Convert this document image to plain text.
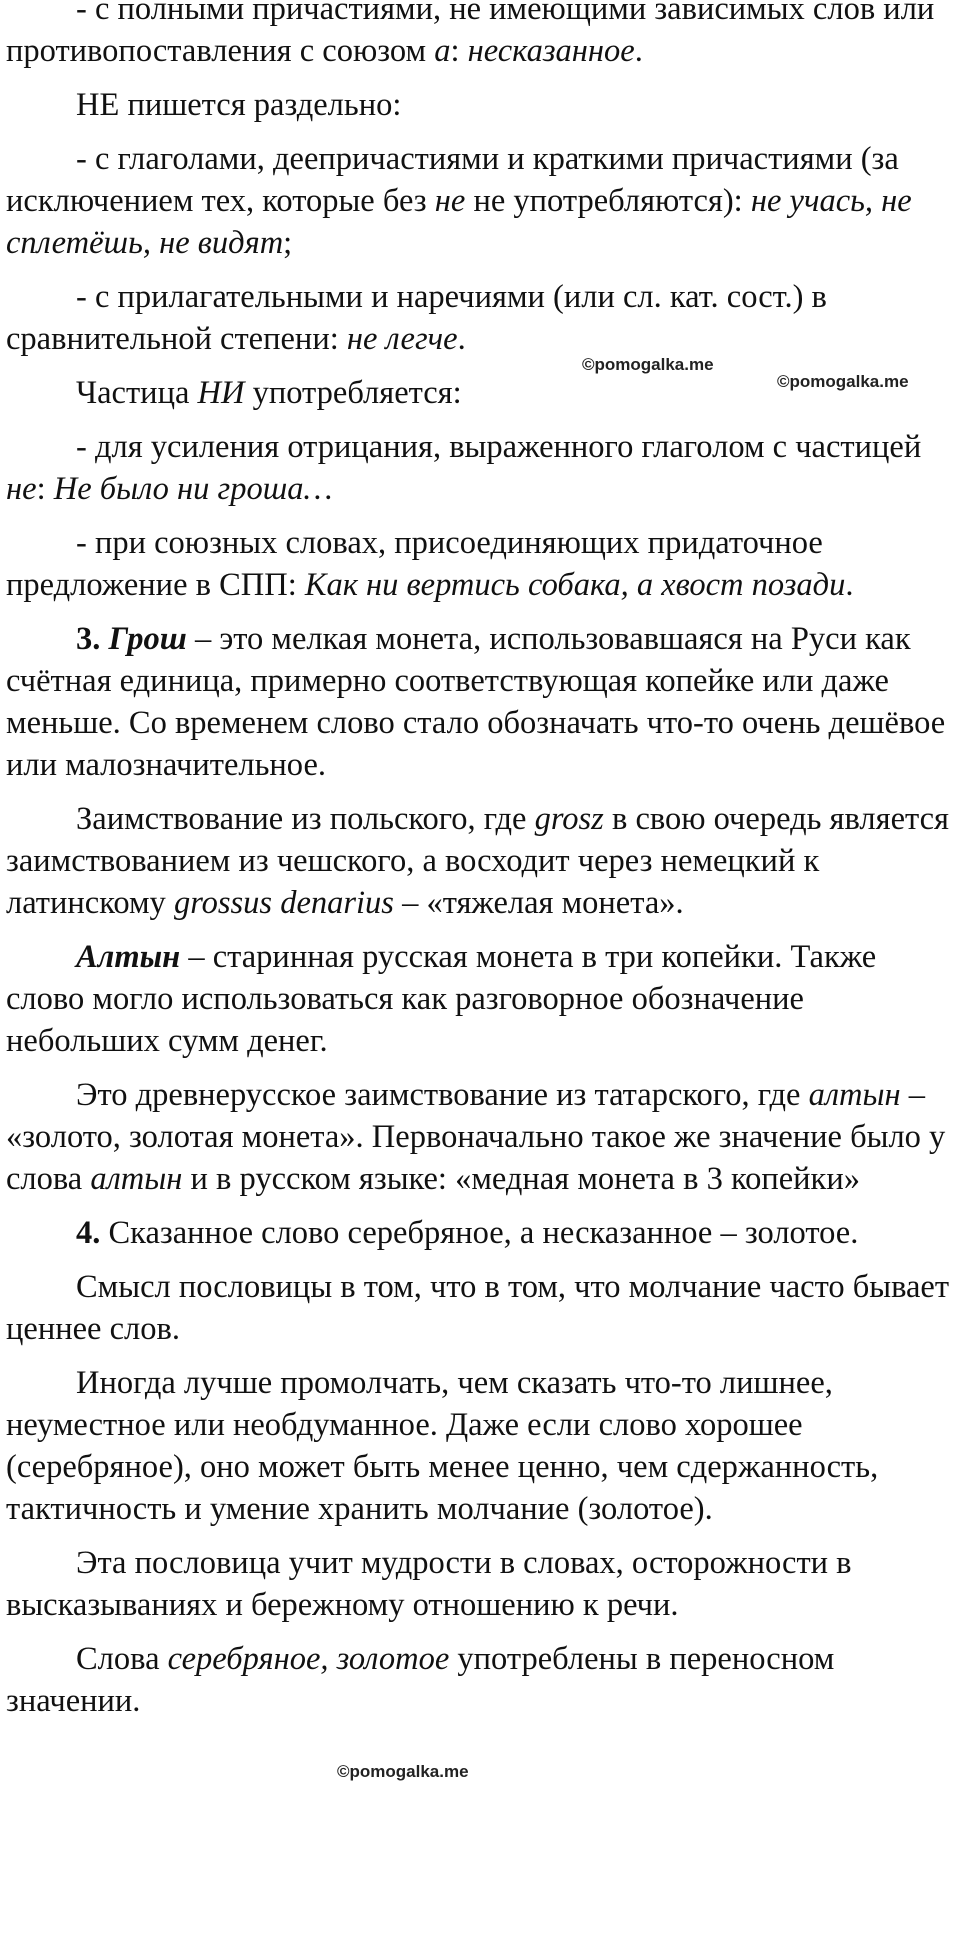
- с полными причастиями, не имеющими зависимых слов или противопоставления с союзом а: несказанное.

НЕ пишется раздельно:

- с глаголами, деепричастиями и краткими причастиями (за исключением тех, которые без не не употребляются): не учась, не сплетёшь, не видят;

- с прилагательными и наречиями (или сл. кат. сост.) в сравнительной степени: не легче.

Частица НИ употребляется:

- для усиления отрицания, выраженного глаголом с частицей не: Не было ни гроша…

- при союзных словах, присоединяющих придаточное предложение в СПП: Как ни вертись собака, а хвост позади.

3. Грош – это мелкая монета, использовавшаяся на Руси как счётная единица, примерно соответствующая копейке или даже меньше. Со временем слово стало обозначать что-то очень дешёвое или малозначительное.

Заимствование из польского, где grosz в свою очередь является заимствованием из чешского, а восходит через немецкий к латинскому grossus denarius – «тяжелая монета».

Алтын – старинная русская монета в три копейки. Также слово могло использоваться как разговорное обозначение небольших сумм денег.

Это древнерусское заимствование из татарского, где алтын – «золото, золотая монета». Первоначально такое же значение было у слова алтын и в русском языке: «медная монета в 3 копейки»

4. Сказанное слово серебряное, а несказанное – золотое.

Смысл пословицы в том, что в том, что молчание часто бывает ценнее слов.

Иногда лучше промолчать, чем сказать что-то лишнее, неуместное или необдуманное. Даже если слово хорошее (серебряное), оно может быть менее ценно, чем сдержанность, тактичность и умение хранить молчание (золотое).

Эта пословица учит мудрости в словах, осторожности в высказываниях и бережному отношению к речи.

Слова серебряное, золотое употреблены в переносном значении.

©pomogalka.me
©pomogalka.me
©pomogalka.me
